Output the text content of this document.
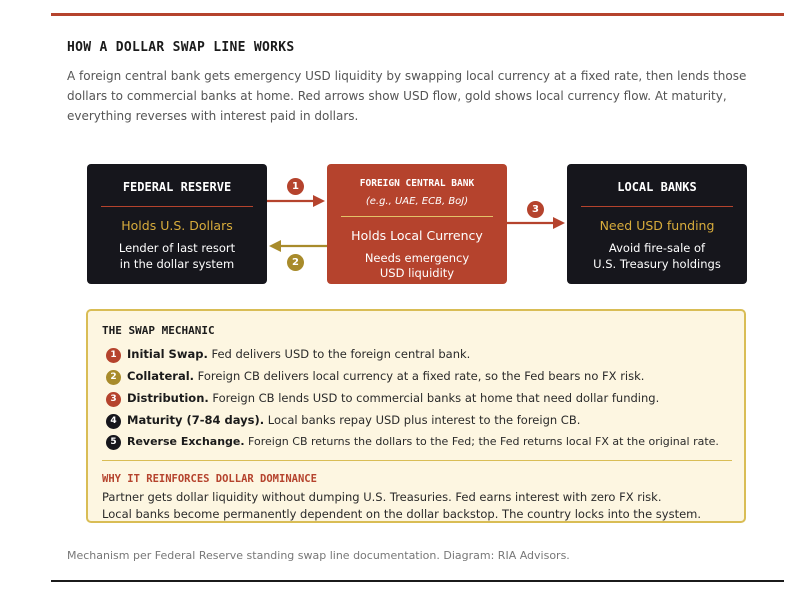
HOW A DOLLAR SWAP LINE WORKS
A foreign central bank gets emergency USD liquidity by swapping local currency at a fixed rate, then lends those dollars to commercial banks at home. Red arrows show USD flow, gold shows local currency flow. At maturity, everything reverses with interest paid in dollars.
FEDERAL RESERVE
Holds U.S. Dollars
Lender of last resort
in the dollar system
FOREIGN CENTRAL BANK
(e.g., UAE, ECB, BoJ)
Holds Local Currency
Needs emergency
USD liquidity
LOCAL BANKS
Need USD funding
Avoid fire-sale of
U.S. Treasury holdings
1
2
3
THE SWAP MECHANIC
1 Initial Swap. Fed delivers USD to the foreign central bank.
2 Collateral. Foreign CB delivers local currency at a fixed rate, so the Fed bears no FX risk.
3 Distribution. Foreign CB lends USD to commercial banks at home that need dollar funding.
4 Maturity (7-84 days). Local banks repay USD plus interest to the foreign CB.
5 Reverse Exchange. Foreign CB returns the dollars to the Fed; the Fed returns local FX at the original rate.
WHY IT REINFORCES DOLLAR DOMINANCE
Partner gets dollar liquidity without dumping U.S. Treasuries. Fed earns interest with zero FX risk.
Local banks become permanently dependent on the dollar backstop. The country locks into the system.
Mechanism per Federal Reserve standing swap line documentation. Diagram: RIA Advisors.
